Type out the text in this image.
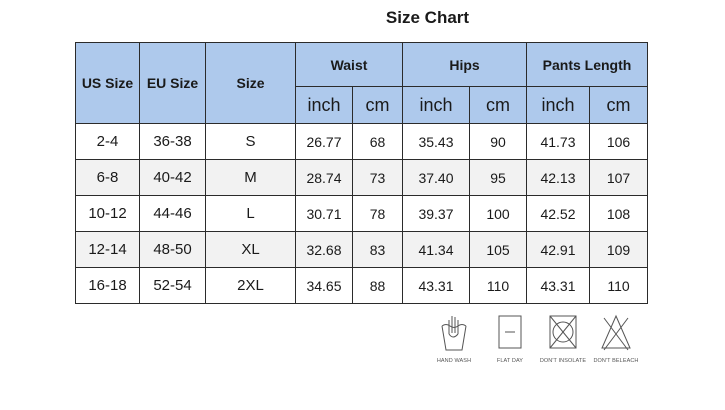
Size Chart
US Size	EU Size	Size	Waist		Hips		Pants Length	
			inch	cm	inch	cm	inch	cm
2-4	36-38	S	26.77	68	35.43	90	41.73	106
6-8	40-42	M	28.74	73	37.40	95	42.13	107
10-12	44-46	L	30.71	78	39.37	100	42.52	108
12-14	48-50	XL	32.68	83	41.34	105	42.91	109
16-18	52-54	2XL	34.65	88	43.31	110	43.31	110
HAND WASH	FLAT DAY	DON'T INSOLATE	DON'T BELEACH
